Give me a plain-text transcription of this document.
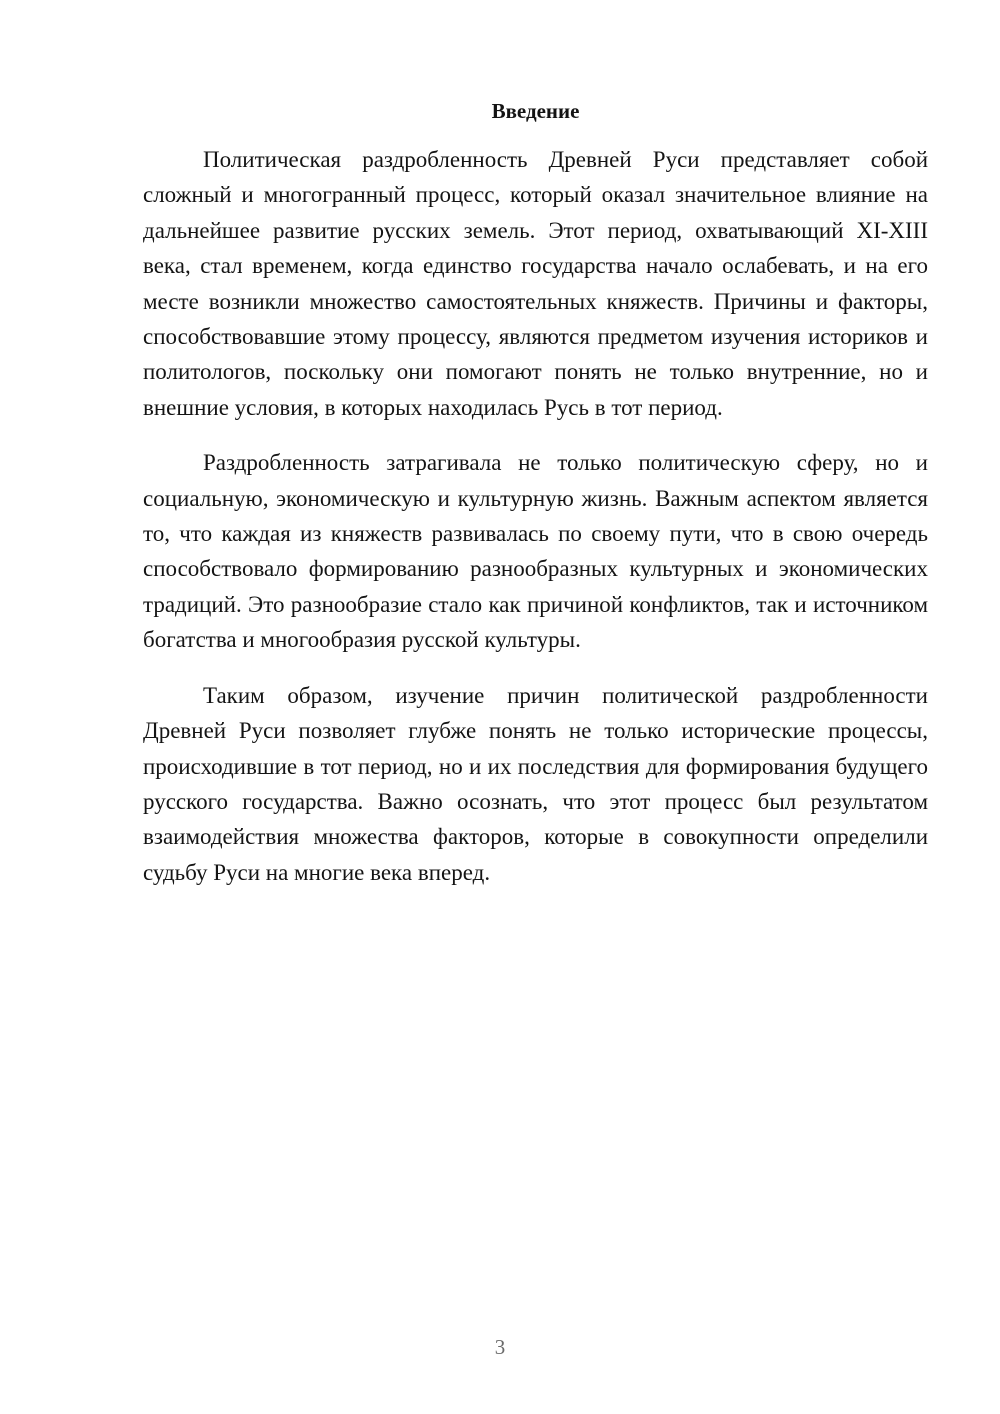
Введение

Политическая раздробленность Древней Руси представляет собой сложный и многогранный процесс, который оказал значительное влияние на дальнейшее развитие русских земель. Этот период, охватывающий XI-XIII века, стал временем, когда единство государства начало ослабевать, и на его месте возникли множество самостоятельных княжеств. Причины и факторы, способствовавшие этому процессу, являются предметом изучения историков и политологов, поскольку они помогают понять не только внутренние, но и внешние условия, в которых находилась Русь в тот период.

Раздробленность затрагивала не только политическую сферу, но и социальную, экономическую и культурную жизнь. Важным аспектом является то, что каждая из княжеств развивалась по своему пути, что в свою очередь способствовало формированию разнообразных культурных и экономических традиций. Это разнообразие стало как причиной конфликтов, так и источником богатства и многообразия русской культуры.

Таким образом, изучение причин политической раздробленности Древней Руси позволяет глубже понять не только исторические процессы, происходившие в тот период, но и их последствия для формирования будущего русского государства. Важно осознать, что этот процесс был результатом взаимодействия множества факторов, которые в совокупности определили судьбу Руси на многие века вперед.

3
